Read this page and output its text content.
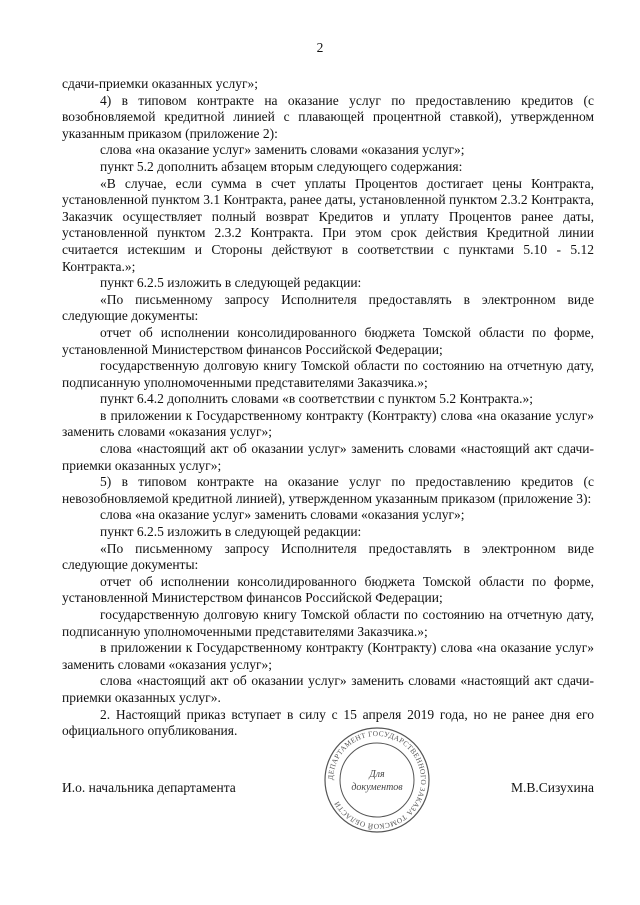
2

сдачи-приемки оказанных услуг»;

4) в типовом контракте на оказание услуг по предоставлению кредитов (с возобновляемой кредитной линией с плавающей процентной ставкой), утвержденном указанным приказом (приложение 2):

слова «на оказание услуг» заменить словами «оказания услуг»;

пункт 5.2 дополнить абзацем вторым следующего содержания:

«В случае, если сумма в счет уплаты Процентов достигает цены Контракта, установленной пунктом 3.1 Контракта, ранее даты, установленной пунктом 2.3.2 Контракта, Заказчик осуществляет полный возврат Кредитов и уплату Процентов ранее даты, установленной пунктом 2.3.2 Контракта. При этом срок действия Кредитной линии считается истекшим и Стороны действуют в соответствии с пунктами 5.10 - 5.12 Контракта.»;

пункт 6.2.5 изложить в следующей редакции:

«По письменному запросу Исполнителя предоставлять в электронном виде следующие документы:

отчет об исполнении консолидированного бюджета Томской области по форме, установленной Министерством финансов Российской Федерации;

государственную долговую книгу Томской области по состоянию на отчетную дату, подписанную уполномоченными представителями Заказчика.»;

пункт 6.4.2 дополнить словами «в соответствии с пунктом 5.2 Контракта.»;

в приложении к Государственному контракту (Контракту) слова «на оказание услуг» заменить словами «оказания услуг»;

слова «настоящий акт об оказании услуг» заменить словами «настоящий акт сдачи-приемки оказанных услуг»;

5) в типовом контракте на оказание услуг по предоставлению кредитов (с невозобновляемой кредитной линией), утвержденном указанным приказом (приложение 3):

слова «на оказание услуг» заменить словами «оказания услуг»;

пункт 6.2.5 изложить в следующей редакции:

«По письменному запросу Исполнителя предоставлять в электронном виде следующие документы:

отчет об исполнении консолидированного бюджета Томской области по форме, установленной Министерством финансов Российской Федерации;

государственную долговую книгу Томской области по состоянию на отчетную дату, подписанную уполномоченными представителями Заказчика.»;

в приложении к Государственному контракту (Контракту) слова «на оказание услуг» заменить словами «оказания услуг»;

слова «настоящий акт об оказании услуг» заменить словами «настоящий акт сдачи-приемки оказанных услуг».

2. Настоящий приказ вступает в силу с 15 апреля 2019 года, но не ранее дня его официального опубликования.

ДЕПАРТАМЕНТ ГОСУДАРСТВЕННОГО ЗАКАЗА ТОМСКОЙ ОБЛАСТИ
Для
документов
И.о. начальника департамента	М.В.Сизухина
